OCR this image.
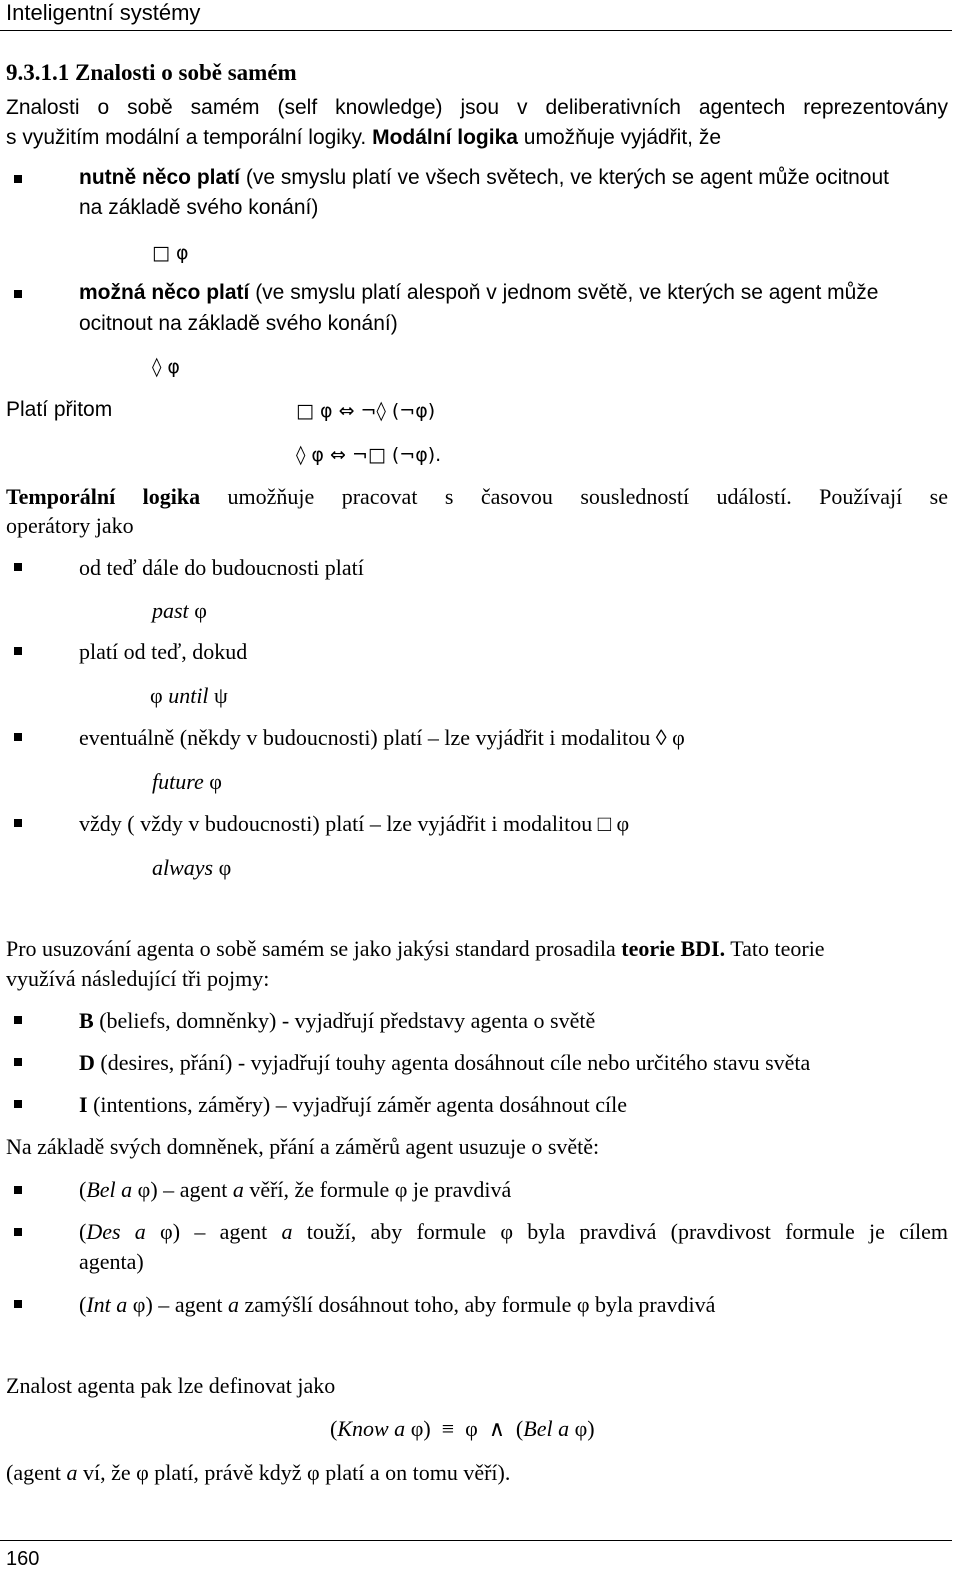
Inteligentní systémy
9.3.1.1 Znalosti o sobě samém
Znalosti o sobě samém (self knowledge) jsou v deliberativních agentech reprezentovány
s využitím modální a temporální logiky. Modální logika umožňuje vyjádřit, že
nutně něco platí (ve smyslu platí ve všech světech, ve kterých se agent může ocitnout
na základě svého konání)
□ φ
možná něco platí (ve smyslu platí alespoň v jednom světě, ve kterých se agent může
ocitnout na základě svého konání)
◊ φ
Platí přitom	□ φ ⇔ ¬◊ (¬φ)
◊ φ ⇔ ¬□ (¬φ).
Temporální logika umožňuje pracovat s časovou sousledností událostí. Používají se
operátory jako
od teď dále do budoucnosti platí
past φ
platí od teď, dokud
φ until ψ
eventuálně (někdy v budoucnosti) platí – lze vyjádřit i modalitou ◊ φ
future φ
vždy ( vždy v budoucnosti) platí – lze vyjádřit i modalitou □ φ
always φ
Pro usuzování agenta o sobě samém se jako jakýsi standard prosadila teorie BDI. Tato teorie
využívá následující tři pojmy:
B (beliefs, domněnky) - vyjadřují představy agenta o světě
D (desires, přání) - vyjadřují touhy agenta dosáhnout cíle nebo určitého stavu světa
I (intentions, záměry) – vyjadřují záměr agenta dosáhnout cíle
Na základě svých domněnek, přání a záměrů agent usuzuje o světě:
(Bel a φ) – agent a věří, že formule φ je pravdivá
(Des a φ) – agent a touží, aby formule φ byla pravdivá (pravdivost formule je cílem
agenta)
(Int a φ) – agent a zamýšlí dosáhnout toho, aby formule φ byla pravdivá
Znalost agenta pak lze definovat jako
(Know a φ)  ≡  φ  ∧  (Bel a φ)
(agent a ví, že φ platí, právě když φ platí a on tomu věří).
160
